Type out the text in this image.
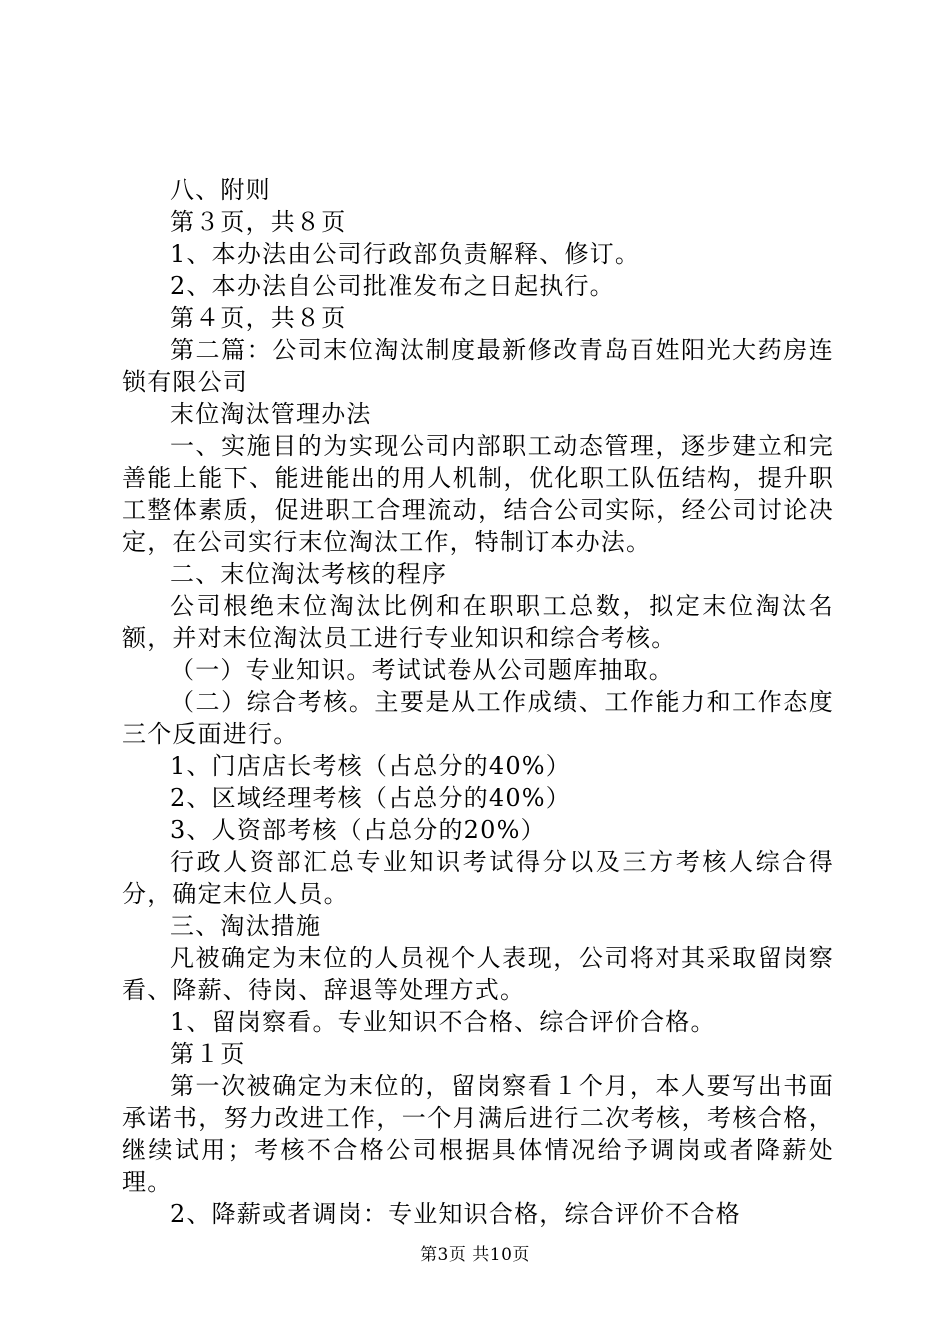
八、附则

第３页，共８页

1、本办法由公司行政部负责解释、修订。

2、本办法自公司批准发布之日起执行。

第４页，共８页

第二篇：公司末位淘汰制度最新修改青岛百姓阳光大药房连锁有限公司

末位淘汰管理办法

一、实施目的为实现公司内部职工动态管理，逐步建立和完善能上能下、能进能出的用人机制，优化职工队伍结构，提升职工整体素质，促进职工合理流动，结合公司实际，经公司讨论决定，在公司实行末位淘汰工作，特制订本办法。

二、末位淘汰考核的程序

公司根绝末位淘汰比例和在职职工总数，拟定末位淘汰名额，并对末位淘汰员工进行专业知识和综合考核。

（一）专业知识。考试试卷从公司题库抽取。

（二）综合考核。主要是从工作成绩、工作能力和工作态度三个反面进行。

1、门店店长考核（占总分的40%）

2、区域经理考核（占总分的40%）

3、人资部考核（占总分的20%）

行政人资部汇总专业知识考试得分以及三方考核人综合得分，确定末位人员。

三、淘汰措施

凡被确定为末位的人员视个人表现，公司将对其采取留岗察看、降薪、待岗、辞退等处理方式。

1、留岗察看。专业知识不合格、综合评价合格。

第１页

第一次被确定为末位的，留岗察看１个月，本人要写出书面承诺书，努力改进工作，一个月满后进行二次考核，考核合格，继续试用；考核不合格公司根据具体情况给予调岗或者降薪处理。

2、降薪或者调岗：专业知识合格，综合评价不合格

第3页 共10页
